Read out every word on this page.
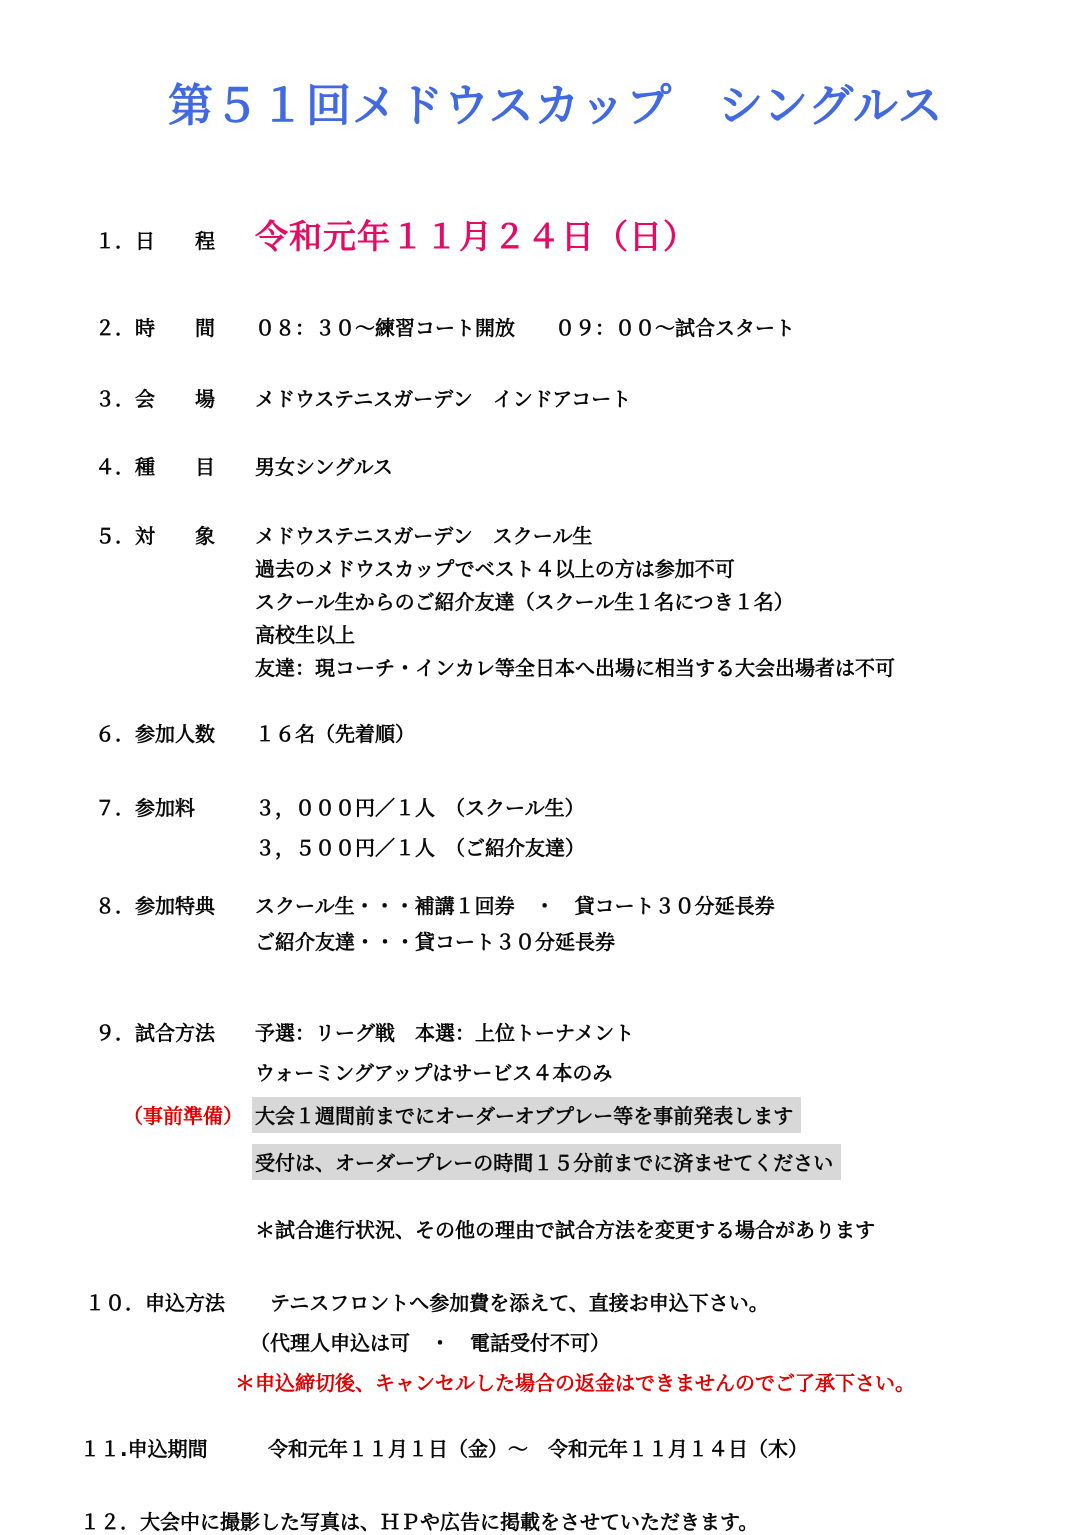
第５１回メドウスカップ　シングルス
１．日　　程	令和元年１１月２４日（日）
２．時　　間	０８：３０～練習コート開放　　０９：００～試合スタート
３．会　　場	メドウステニスガーデン　インドアコート
４．種　　目	男女シングルス
５．対　　象	メドウステニスガーデン　スクール生
過去のメドウスカップでベスト４以上の方は参加不可
スクール生からのご紹介友達（スクール生１名につき１名）
高校生以上
友達：現コーチ・インカレ等全日本へ出場に相当する大会出場者は不可
６．参加人数	１６名（先着順）
７．参加料	３，０００円／１人　（スクール生）
３，５００円／１人　（ご紹介友達）
８．参加特典	スクール生・・・補講１回券　・　貸コート３０分延長券
ご紹介友達・・・貸コート３０分延長券
９．試合方法	予選：リーグ戦　本選：上位トーナメント
ウォーミングアップはサービス４本のみ
（事前準備） 大会１週間前までにオーダーオブプレー等を事前発表します
受付は、オーダープレーの時間１５分前までに済ませてください
＊試合進行状況、その他の理由で試合方法を変更する場合があります
１０．申込方法	テニスフロントへ参加費を添えて、直接お申込下さい。
（代理人申込は可　・　電話受付不可）
＊申込締切後、キャンセルした場合の返金はできませんのでご了承下さい。
１１.申込期間	令和元年１１月１日（金）～　令和元年１１月１４日（木）
１２．大会中に撮影した写真は、ＨＰや広告に掲載をさせていただきます。
